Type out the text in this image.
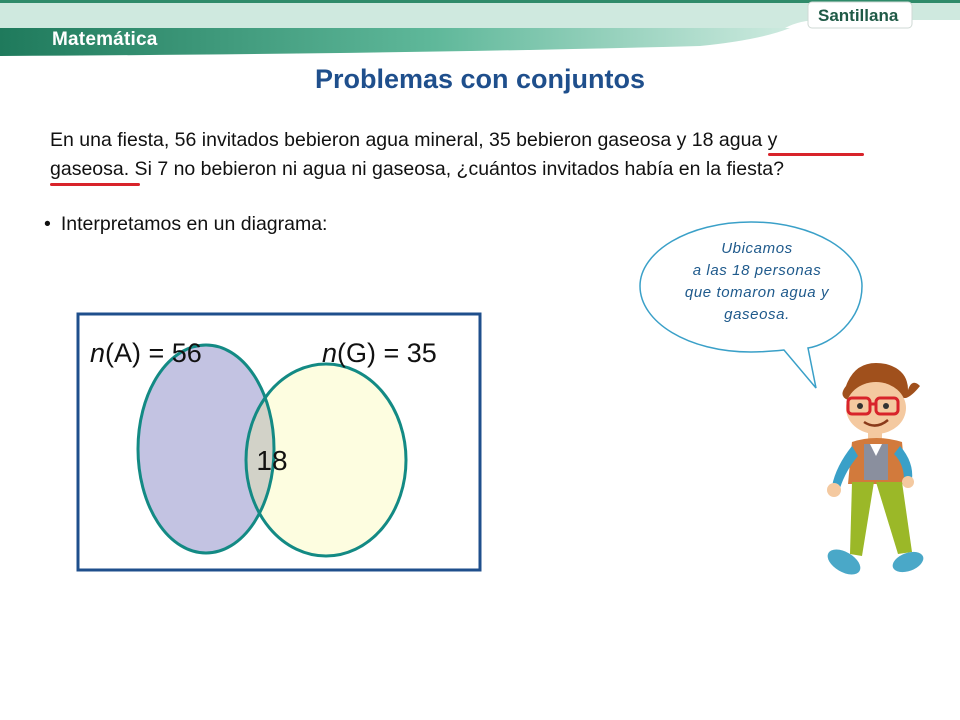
Matemática
Santillana
Problemas con conjuntos
En una fiesta, 56 invitados bebieron agua mineral, 35 bebieron gaseosa y 18 agua y
gaseosa. Si 7 no bebieron ni agua ni gaseosa, ¿cuántos invitados había en la fiesta?
• Interpretamos en un diagrama:
n(A) = 56	n(G) = 35
18
Ubicamos
a las 18 personas
que tomaron agua y
gaseosa.
